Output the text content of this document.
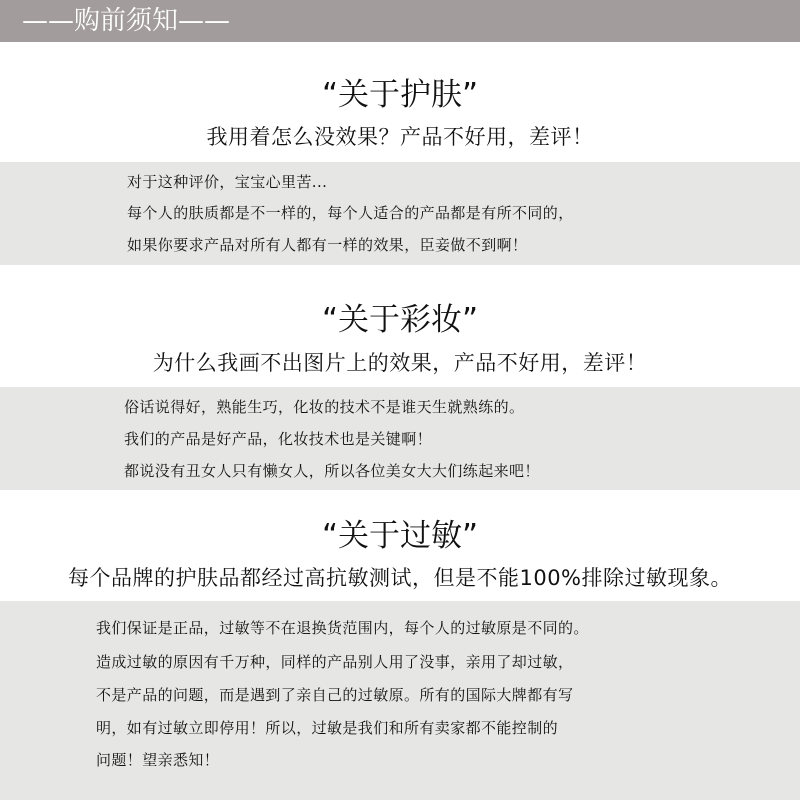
——购前须知——
“关于护肤”
我用着怎么没效果？产品不好用，差评！
对于这种评价，宝宝心里苦...
每个人的肤质都是不一样的，每个人适合的产品都是有所不同的，
如果你要求产品对所有人都有一样的效果，臣妾做不到啊！
“关于彩妆”
为什么我画不出图片上的效果，产品不好用，差评！
俗话说得好，熟能生巧，化妆的技术不是谁天生就熟练的。
我们的产品是好产品，化妆技术也是关键啊！
都说没有丑女人只有懒女人，所以各位美女大大们练起来吧！
“关于过敏”
每个品牌的护肤品都经过高抗敏测试，但是不能100%排除过敏现象。
我们保证是正品，过敏等不在退换货范围内，每个人的过敏原是不同的。
造成过敏的原因有千万种，同样的产品别人用了没事，亲用了却过敏，
不是产品的问题，而是遇到了亲自己的过敏原。所有的国际大牌都有写
明，如有过敏立即停用！所以，过敏是我们和所有卖家都不能控制的
问题！望亲悉知！
